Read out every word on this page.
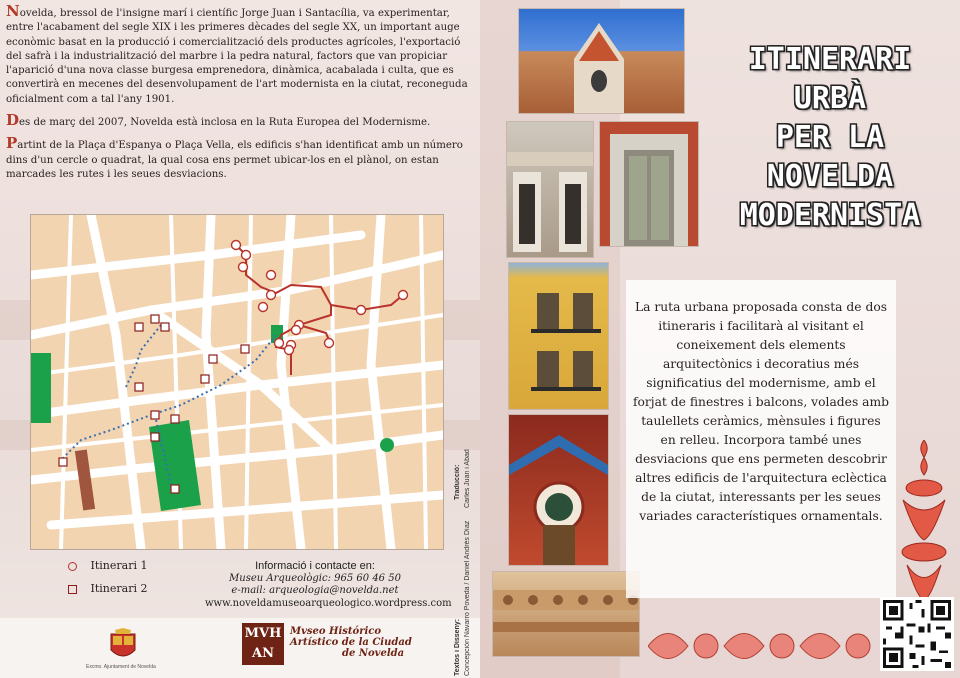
Novelda, bressol de l'insigne marí i científic Jorge Juan i Santacília, va experimentar, entre l'acabament del segle XIX i les primeres dècades del segle XX, un important auge econòmic basat en la producció i comercialització dels productes agrícoles, l'exportació del safrà i la industrialització del marbre i la pedra natural, factors que van propiciar l'aparició d'una nova classe burgesa emprenedora, dinàmica, acabalada i culta, que es convertirà en mecenes del desenvolupament de l'art modernista en la ciutat, reconeguda oficialment com a tal l'any 1901.

Des de març del 2007, Novelda està inclosa en la Ruta Europea del Modernisme.

Partint de la Plaça d'Espanya o Plaça Vella, els edificis s'han identificat amb un número dins d'un cercle o quadrat, la qual cosa ens permet ubicar-los en el plànol, on estan marcades les rutes i les seues desviacions.

Itinerari 1
Itinerari 2
Informació i contacte en:
Museu Arqueològic: 965 60 46 50
e-mail: arqueologia@novelda.net
www.noveldamuseoarqueologico.wordpress.com
Excmo. Ajuntament de Novelda
MVH AN
Mvseo Histórico
Artístico de la Ciudad
de Novelda	Textos i Disseny: Concepción Navarro Poveda / Daniel Andrés Díaz
Traducció: Carles Juan i Abad
ITINERARI
URBÀ
PER LA
NOVELDA
MODERNISTA
La ruta urbana proposada consta de dos itineraris i facilitarà al visitant el coneixement dels elements arquitectònics i decoratius més significatius del modernisme, amb el forjat de finestres i balcons, volades amb taulellets ceràmics, mènsules i figures en relleu. Incorpora també unes desviacions que ens permeten descobrir altres edificis de l'arquitectura eclèctica de la ciutat, interessants per les seues variades característiques ornamentals.
